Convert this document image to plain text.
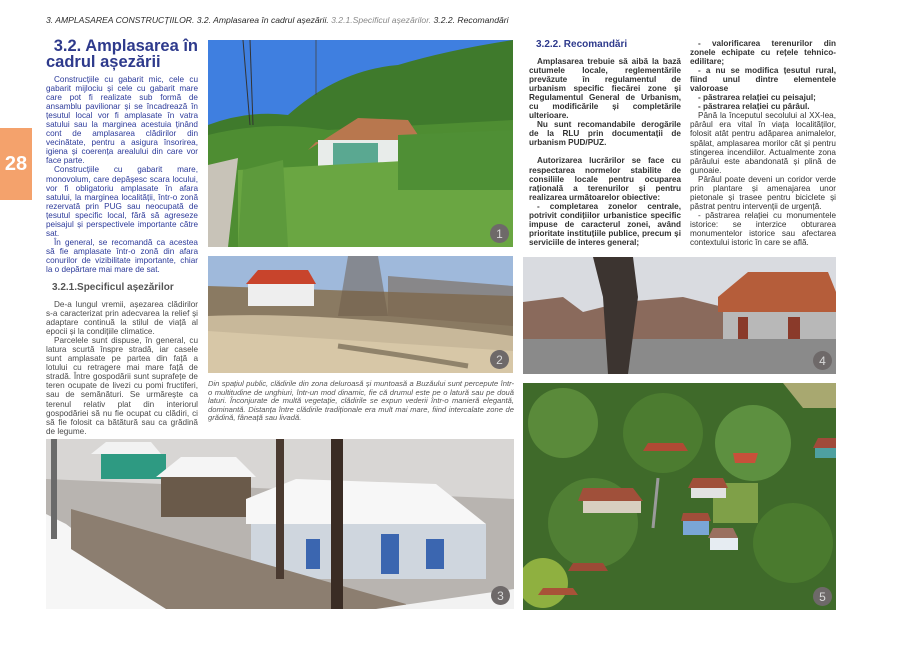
3. AMPLASAREA CONSTRUCȚIILOR. 3.2. Amplasarea în cadrul așezării. 3.2.1.Specificul așezărilor. 3.2.2. Recomandări
28
3.2. Amplasarea în
cadrul așezării

Construcțiile cu gabarit mic, cele cu gabarit mijlociu și cele cu gabarit mare care pot fi realizate sub formă de ansamblu pavilionar și se încadrează în țesutul local vor fi amplasate în vatra satului sau la marginea acestuia ținând cont de amplasarea clădirilor din vecinătate, pentru a asigura însorirea, igiena și coerența arealului din care vor face parte.

Construcțiile cu gabarit mare, monovolum, care depășesc scara locului, vor fi obligatoriu amplasate în afara satului, la marginea localității, într-o zonă rezervată prin PUG sau neocupată de țesutul specific local, fără să agreseze peisajul și perspectivele importante către sat.

În general, se recomandă ca acestea să fie amplasate într-o zonă din afara conurilor de vizibilitate importante, chiar la o depărtare mai mare de sat.

3.2.1.Specificul așezărilor

De-a lungul vremii, așezarea clădirilor s-a caracterizat prin adecvarea la relief și adaptare continuă la stilul de viață al epocii și la condițiile climatice.

Parcelele sunt dispuse, în general, cu latura scurtă înspre stradă, iar casele sunt amplasate pe partea din față a lotului cu retragere mai mare față de stradă. Între gospodării sunt suprafețe de teren ocupate de livezi cu pomi fructiferi, sau de semănături. Se urmărește ca terenul relativ plat din interiorul gospodăriei să nu fie ocupat cu clădiri, ci să fie folosit ca bătătură sau ca grădină de legume.

1
2
Din spațiul public, clădirile din zona deluroasă și muntoasă a Buzăului sunt percepute într-o multitudine de unghiuri, într-un mod dinamic, fie că drumul este pe o latură sau pe două laturi. Înconjurate de multă vegetație, clădirile se expun vederii într-o manieră elegantă, dominantă. Distanța între clădirile tradiționale era mult mai mare, fiind intercalate zone de grădină, fâneață sau livadă.
3
4
5
3.2.2. Recomandări

Amplasarea trebuie să aibă la bază cutumele locale, reglementările prevăzute în regulamentul de urbanism specific fiecărei zone și Regulamentul General de Urbanism, cu modificările și completările ulterioare.

Nu sunt recomandabile derogările de la RLU prin documentații de urbanism PUD/PUZ.

Autorizarea lucrărilor se face cu respectarea normelor stabilite de consiliile locale pentru ocuparea rațională a terenurilor și pentru realizarea următoarelor obiective:

- completarea zonelor centrale, potrivit condițiilor urbanistice specific impuse de caracterul zonei, având prioritate instituțiile publice, precum și serviciile de interes general;

- valorificarea terenurilor din zonele echipate cu rețele tehnico-edilitare;

- a nu se modifica țesutul rural, fiind unul dintre elementele valoroase

- păstrarea relației cu peisajul;

- păstrarea relației cu pârâul.

Până la începutul secolului al XX-lea, pârâul era vital în viața localităților, folosit atât pentru adăparea animalelor, spălat, amplasarea morilor cât și pentru stingerea incendiilor. Actualmente zona pârâului este abandonată și plină de gunoaie.

Pârâul poate deveni un coridor verde prin plantare și amenajarea unor pietonale și trasee pentru biciclete și păstrat pentru intervenții de urgență.

- păstrarea relației cu monumentele istorice: se interzice obturarea monumentelor istorice sau afectarea contextului istoric în care se află.
